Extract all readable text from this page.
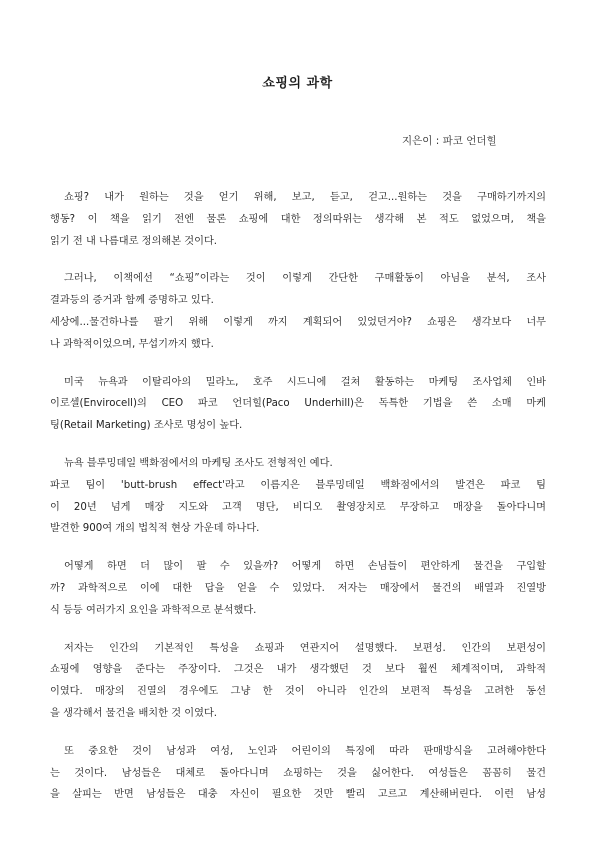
쇼핑의 과학
지은이 : 파코 언더힐
쇼핑? 내가 원하는 것을 얻기 위해, 보고, 듣고, 걷고...원하는 것을 구매하기까지의
행동? 이 책을 읽기 전엔 물론 쇼핑에 대한 정의따위는 생각해 본 적도 없었으며, 책을
읽기 전 내 나름대로 정의해본 것이다.
그러나, 이책에선 “쇼핑”이라는 것이 이렇게 간단한 구매활동이 아님을 분석, 조사
결과등의 증거과 함께 증명하고 있다.
세상에...물건하나를 팔기 위해 이렇게 까지 계획되어 있었던거야? 쇼핑은 생각보다 너무
나 과학적이었으며, 무섭기까지 했다.
미국 뉴욕과 이탈리아의 밀라노, 호주 시드니에 걸쳐 활동하는 마케팅 조사업체 인바
이로셀(Envirocell)의 CEO 파코 언더힐(Paco Underhill)은 독특한 기법을 쓴 소매 마케
팅(Retail Marketing) 조사로 명성이 높다.
뉴욕 블루밍데일 백화점에서의 마케팅 조사도 전형적인 예다.
파코 팀이 'butt-brush effect'라고 이름지은 블루밍데일 백화점에서의 발견은 파코 팀
이 20년 넘게 매장 지도와 고객 명단, 비디오 촬영장치로 무장하고 매장을 돌아다니며
발견한 900여 개의 법칙적 현상 가운데 하나다.
어떻게 하면 더 많이 팔 수 있을까? 어떻게 하면 손님들이 편안하게 물건을 구입할
까? 과학적으로 이에 대한 답을 얻을 수 있었다. 저자는 매장에서 물건의 배열과 진열방
식 등등 여러가지 요인을 과학적으로 분석했다.
저자는 인간의 기본적인 특성을 쇼핑과 연관지어 설명했다. 보편성. 인간의 보편성이
쇼핑에 영향을 준다는 주장이다. 그것은 내가 생각했던 것 보다 훨씬 체계적이며, 과학적
이였다. 매장의 진열의 경우에도 그냥 한 것이 아니라 인간의 보편적 특성을 고려한 동선
을 생각해서 물건을 배치한 것 이였다.
또 중요한 것이 남성과 여성, 노인과 어린이의 특징에 따라 판매방식을 고려해야한다
는 것이다. 남성들은 대체로 돌아다니며 쇼핑하는 것을 싫어한다. 여성들은 꼼꼼히 물건
을 살피는 반면 남성들은 대충 자신이 필요한 것만 빨리 고르고 계산해버린다. 이런 남성
